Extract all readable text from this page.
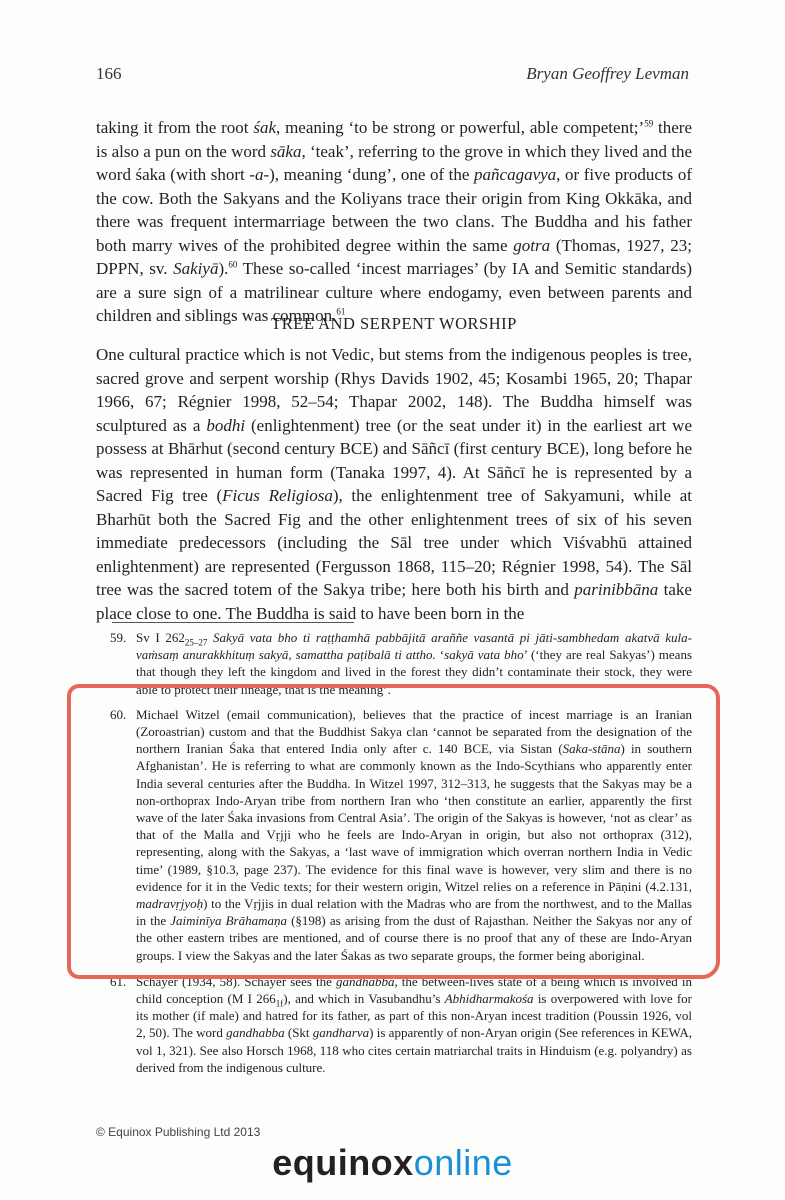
166	Bryan Geoffrey Levman
taking it from the root śak, meaning ‘to be strong or powerful, able competent;’$^{59}$ there is also a pun on the word sāka, ‘teak’, referring to the grove in which they lived and the word śaka (with short -a-), meaning ‘dung’, one of the pañcagavya, or five products of the cow. Both the Sakyans and the Koliyans trace their origin from King Okkāka, and there was frequent intermarriage between the two clans. The Buddha and his father both marry wives of the prohibited degree within the same gotra (Thomas, 1927, 23; DPPN, sv. Sakiyā).$^{60}$ These so-called ‘incest marriages’ (by IA and Semitic standards) are a sure sign of a matrilinear culture where endogamy, even between parents and children and siblings was common.$^{61}$
TREE AND SERPENT WORSHIP
One cultural practice which is not Vedic, but stems from the indigenous peoples is tree, sacred grove and serpent worship (Rhys Davids 1902, 45; Kosambi 1965, 20; Thapar 1966, 67; Régnier 1998, 52–54; Thapar 2002, 148). The Buddha himself was sculptured as a bodhi (enlightenment) tree (or the seat under it) in the earliest art we possess at Bhārhut (second century BCE) and Sāñcī (first century BCE), long before he was represented in human form (Tanaka 1997, 4). At Sāñcī he is represented by a Sacred Fig tree (Ficus Religiosa), the enlightenment tree of Sakyamuni, while at Bharhūt both the Sacred Fig and the other enlightenment trees of six of his seven immediate predecessors (including the Sāl tree under which Viśvabhū attained enlightenment) are represented (Fergusson 1868, 115–20; Régnier 1998, 54). The Sāl tree was the sacred totem of the Sakya tribe; here both his birth and parinibbāna take place close to one. The Buddha is said to have been born in the
59. Sv I $262_{25-27}$ Sakyā vata bho ti raṭṭhamhā pabbājitā araññe vasantā pi jāti-sambhedam akatvā kula-vaṁsaṃ anurakkhituṃ sakyā, samattha paṭibalā ti attho. ‘sakyā vata bho’ (‘they are real Sakyas’) means that though they left the kingdom and lived in the forest they didn’t contaminate their stock, they were able to protect their lineage, that is the meaning’.
60. Michael Witzel (email communication), believes that the practice of incest marriage is an Iranian (Zoroastrian) custom and that the Buddhist Sakya clan ‘cannot be separated from the designation of the northern Iranian Śaka that entered India only after c. 140 BCE, via Sistan (Saka-stāna) in southern Afghanistan’. He is referring to what are commonly known as the Indo-Scythians who apparently enter India several centuries after the Buddha. In Witzel 1997, 312–313, he suggests that the Sakyas may be a non-orthoprax Indo-Aryan tribe from northern Iran who ‘then constitute an earlier, apparently the first wave of the later Śaka invasions from Central Asia’. The origin of the Sakyas is however, ‘not as clear’ as that of the Malla and Vṛjji who he feels are Indo-Aryan in origin, but also not orthoprax (312), representing, along with the Sakyas, a ‘last wave of immigration which overran northern India in Vedic time’ (1989, §10.3, page 237). The evidence for this final wave is however, very slim and there is no evidence for it in the Vedic texts; for their western origin, Witzel relies on a reference in Pāṇini (4.2.131, madravṛjyoḥ) to the Vṛjjis in dual relation with the Madras who are from the northwest, and to the Mallas in the Jaiminīya Brāhamaṇa (§198) as arising from the dust of Rajasthan. Neither the Sakyas nor any of the other eastern tribes are mentioned, and of course there is no proof that any of these are Indo-Aryan groups. I view the Sakyas and the later Śakas as two separate groups, the former being aboriginal.
61. Schayer (1934, 58). Schayer sees the gandhabba, the between-lives state of a being which is involved in child conception (M I $266_{1f}$), and which in Vasubandhu’s Abhidharmakośa is overpowered with love for its mother (if male) and hatred for its father, as part of this non-Aryan incest tradition (Poussin 1926, vol 2, 50). The word gandhabba (Skt gandharva) is apparently of non-Aryan origin (See references in KEWA, vol 1, 321). See also Horsch 1968, 118 who cites certain matriarchal traits in Hinduism (e.g. polyandry) as derived from the indigenous culture.
© Equinox Publishing Ltd 2013
equinoxonline
